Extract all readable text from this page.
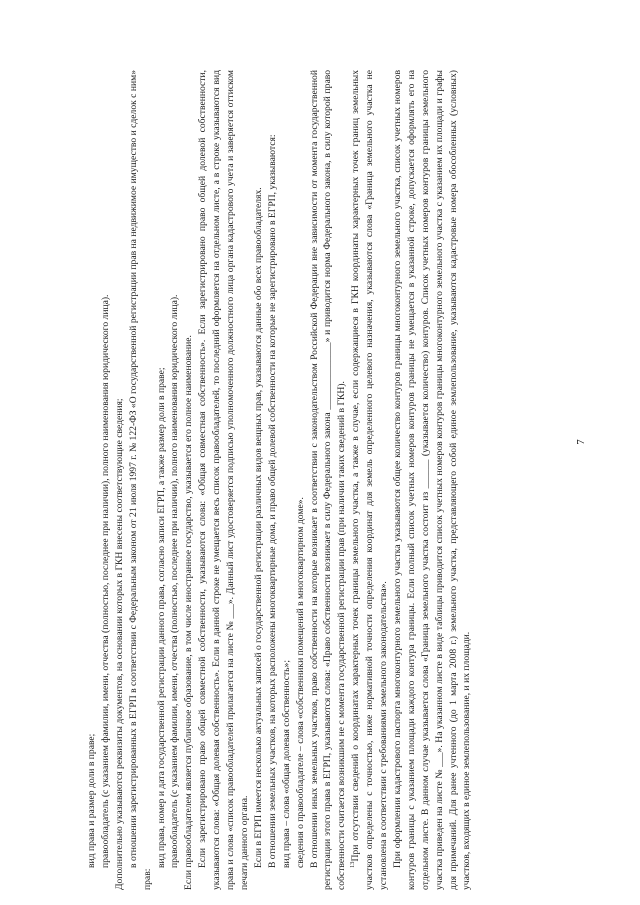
вид права и размер доли в праве; правообладатель (с указанием фамилии, имени, отчества (полностью, последнее при наличии), полного наименования юридического лица). Дополнительно указываются реквизиты документов, на основании которых в ГКН внесены соответствующие сведения; в отношении зарегистрированных в ЕГРП в соответствии с Федеральным законом от 21 июля 1997 г. № 122-ФЗ «О государственной регистрации прав на недвижимое имущество и сделок с ним» прав:

вид права, номер и дата государственной регистрации данного права, согласно записи ЕГРП, а также размер доли в праве; правообладатель (с указанием фамилии, имени, отчества (полностью, последнее при наличии), полного наименования юридического лица). Если правообладателем является публичное образование, в том числе иностранное государство, указывается его полное наименование. Если зарегистрировано право общей совместной собственности, указываются слова: «Общая совместная собственность». Если зарегистрировано право общей долевой собственности, указываются слова: «Общая долевая собственность». Если в данной строке не умещается весь список правообладателей, то последний оформляется на отдельном листе, а в строке указываются вид права и слова «список правообладателей прилагается на листе № ___». Данный лист удостоверяется подписью уполномоченного должностного лица органа кадастрового учета и заверяется оттиском печати данного органа. Если в ЕГРП имеется несколько актуальных записей о государственной регистрации различных видов вещных прав, указываются данные обо всех правообладателях. В отношении земельных участков, на которых расположены многоквартирные дома, и право общей долевой собственности на которые не зарегистрировано в ЕГРП, указываются: вид права – слова «общая долевая собственность»; сведения о правообладателе – слова «собственники помещений в многоквартирном доме». В отношении иных земельных участков, право собственности на которые возникает в соответствии с законодательством Российской Федерации вне зависимости от момента государственной регистрации этого права в ЕГРП, указываются слова: «Право собственности возникает в силу Федерального закона ______________» и приводится норма Федерального закона, в силу которой право собственности считается возникшим не с момента государственной регистрации прав (при наличии таких сведений в ГКН). $^{13}$При отсутствии сведений о координатах характерных точек границы земельного участка, а также в случае, если содержащиеся в ГКН координаты характерных точек границ земельных участков определены с точностью, ниже нормативной точности определения координат для земель определенного целевого назначения, указываются слова «Граница земельного участка не установлена в соответствии с требованиями земельного законодательства». При оформлении кадастрового паспорта многоконтурного земельного участка указываются общее количество контуров границы многоконтурного земельного участка, список учетных номеров контуров границы с указанием площади каждого контура границы. Если полный список учетных номеров контуров границы не умещается в указанной строке, допускается оформлять его на отдельном листе. В данном случае указывается слова «Граница земельного участка состоит из ______ (указывается количество) контуров. Список учетных номеров контуров границы земельного участка приведен на листе № ___». На указанном листе в виде таблицы приводится список учетных номеров контуров границы многоконтурного земельного участка с указанием их площади и графы для примечаний. Для ранее учтенного (до 1 марта 2008 г.) земельного участка, представляющего собой единое землепользование, указываются кадастровые номера обособленных (условных) участков, входящих в единое землепользование, и их площади.

7
